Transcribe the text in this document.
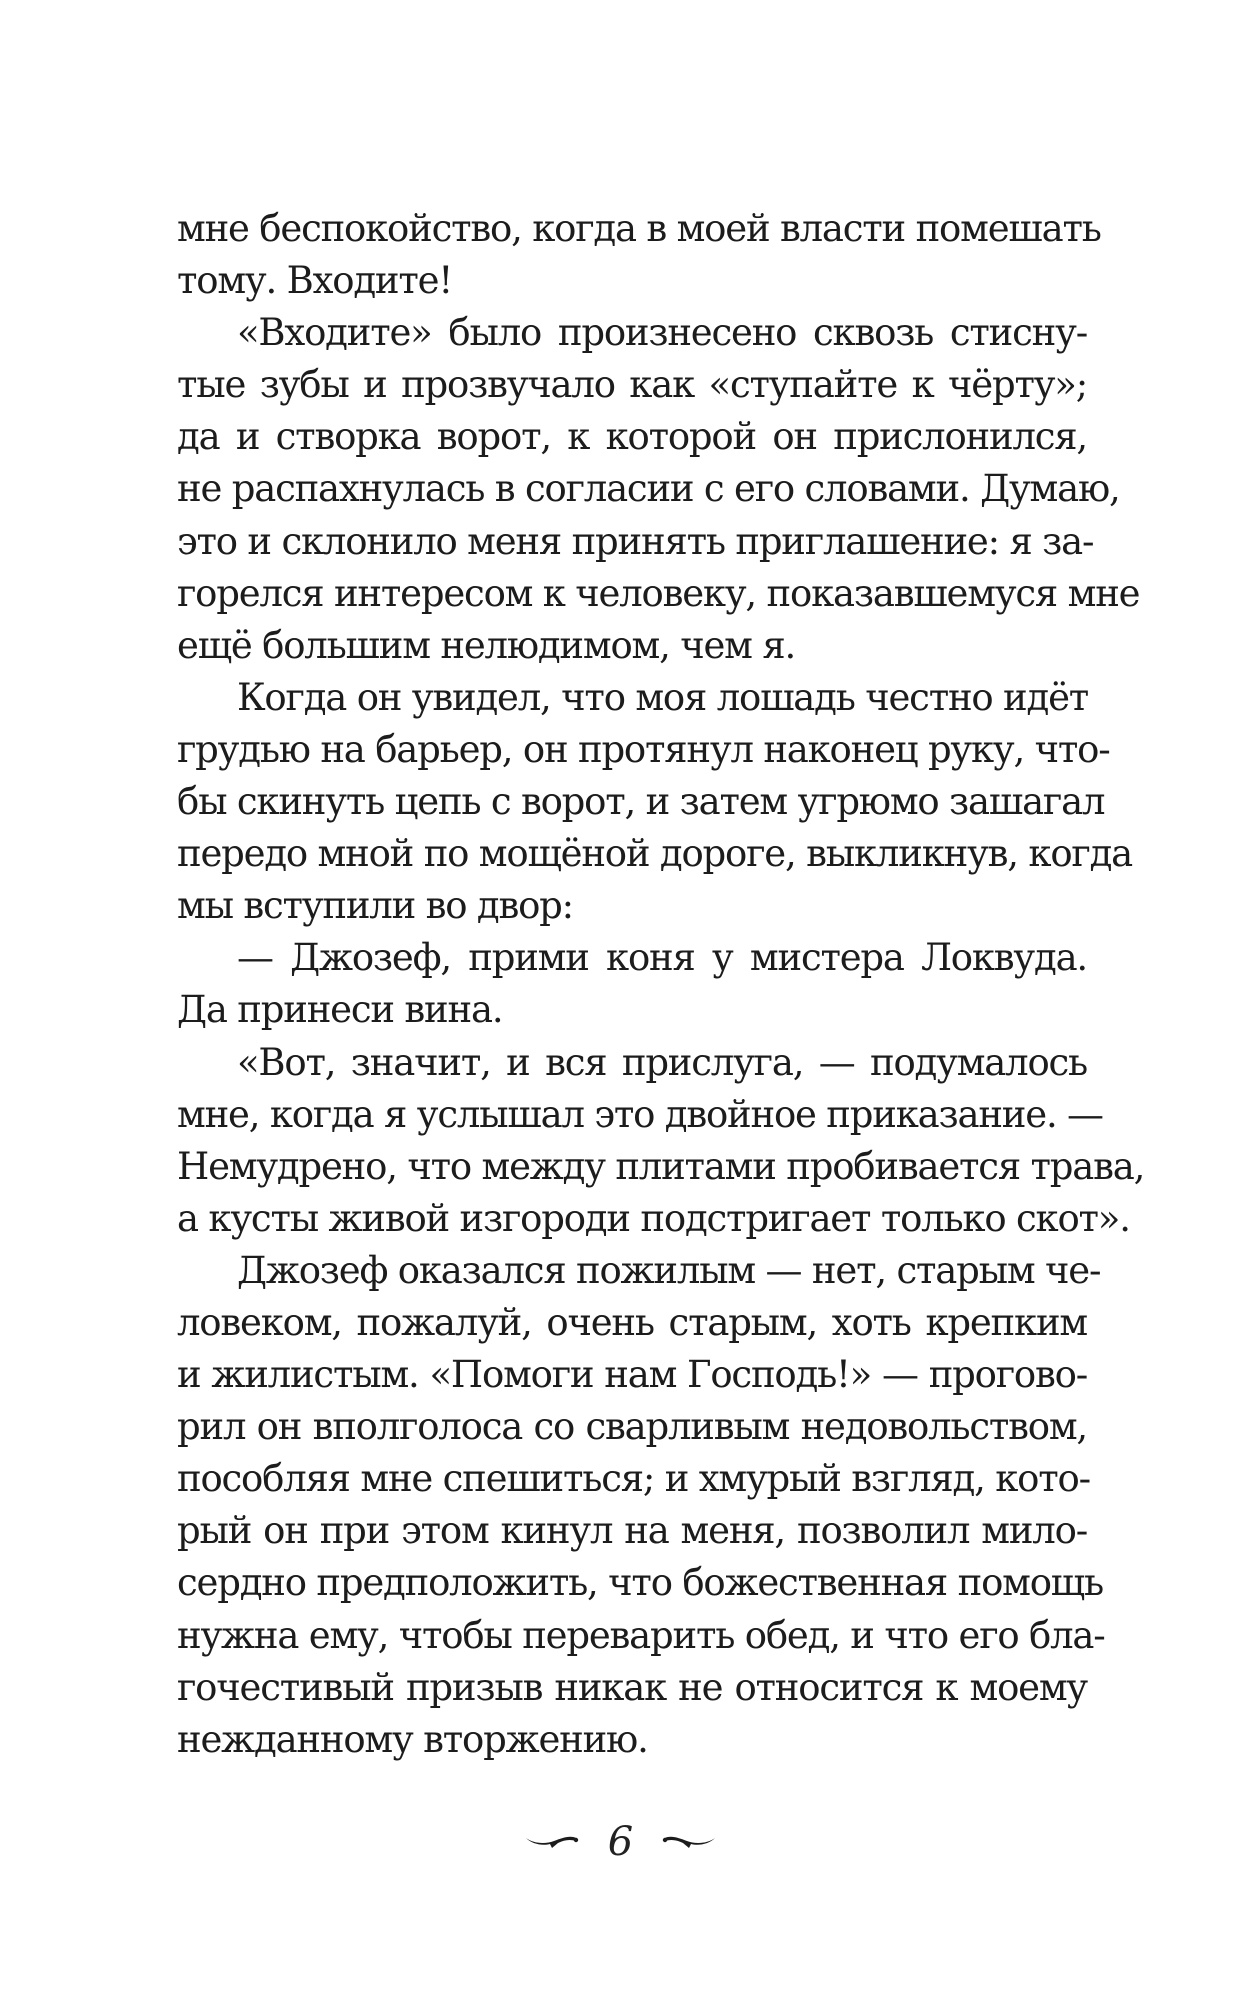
мне беспокойство, когда в моей власти помешать
тому. Входите!
«Входите» было произнесено сквозь стисну-
тые зубы и прозвучало как «ступайте к чёрту»;
да и створка ворот, к которой он прислонился,
не распахнулась в согласии с его словами. Думаю,
это и склонило меня принять приглашение: я за-
горелся интересом к человеку, показавшемуся мне
ещё большим нелюдимом, чем я.
Когда он увидел, что моя лошадь честно идёт
грудью на барьер, он протянул наконец руку, что-
бы скинуть цепь с ворот, и затем угрюмо зашагал
передо мной по мощёной дороге, выкликнув, когда
мы вступили во двор:
— Джозеф, прими коня у мистера Локвуда.
Да принеси вина.
«Вот, значит, и вся прислуга, — подумалось
мне, когда я услышал это двойное приказание. —
Немудрено, что между плитами пробивается трава,
а кусты живой изгороди подстригает только скот».
Джозеф оказался пожилым — нет, старым че-
ловеком, пожалуй, очень старым, хоть крепким
и жилистым. «Помоги нам Господь!» — прогово-
рил он вполголоса со сварливым недовольством,
пособляя мне спешиться; и хмурый взгляд, кото-
рый он при этом кинул на меня, позволил мило-
сердно предположить, что божественная помощь
нужна ему, чтобы переварить обед, и что его бла-
гочестивый призыв никак не относится к моему
нежданному вторжению.
6
